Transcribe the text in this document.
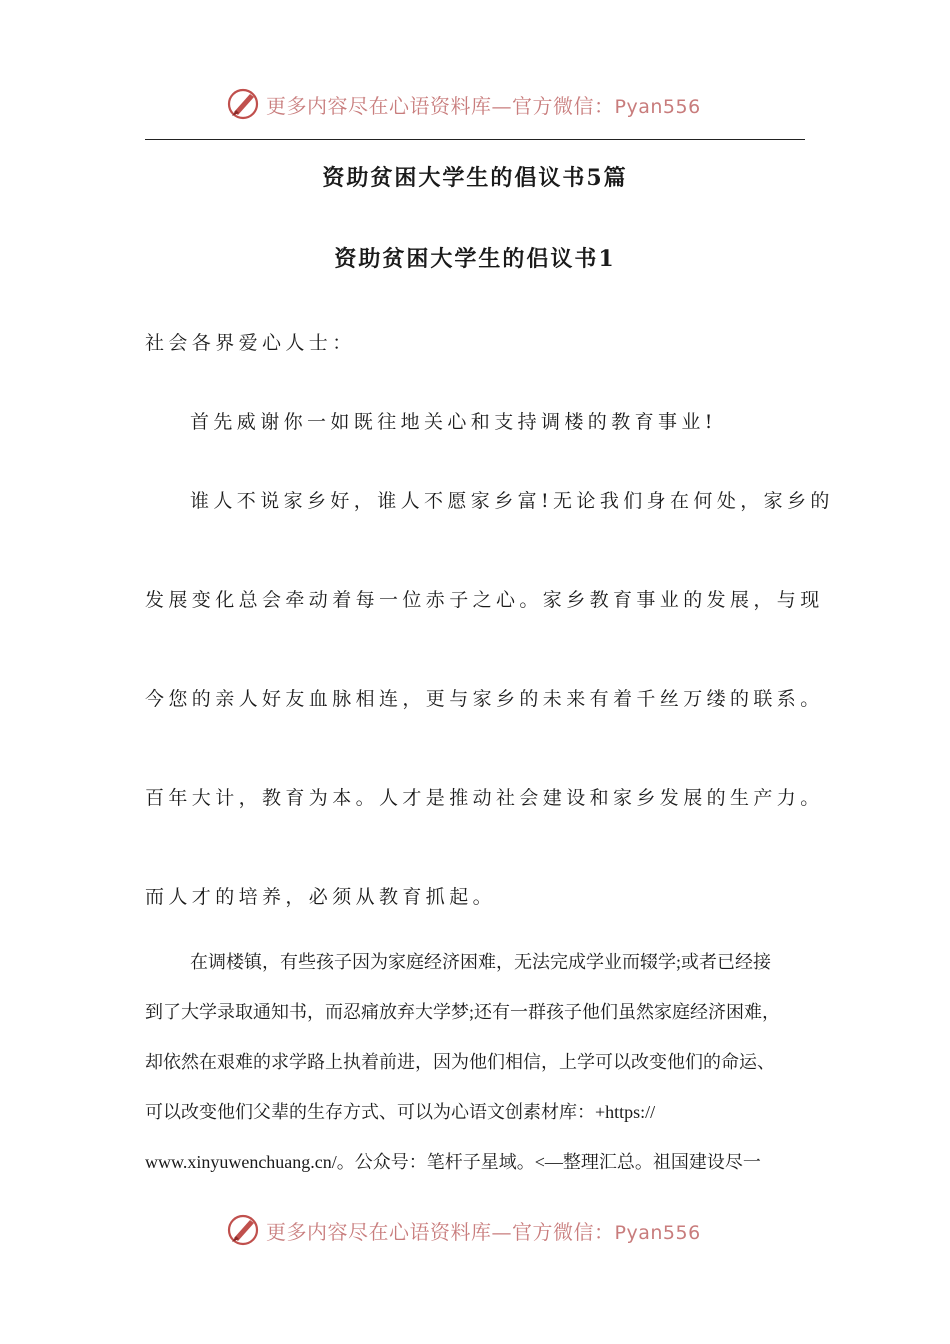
更多内容尽在心语资料库—官方微信：Pyan556
资助贫困大学生的倡议书5篇
资助贫困大学生的侣议书1
社会各界爱心人士：
首先威谢你一如既往地关心和支持调楼的教育事业!
谁人不说家乡好，谁人不愿家乡富!无论我们身在何处，家乡的
发展变化总会牵动着每一位赤子之心。家乡教育事业的发展，与现
今您的亲人好友血脉相连，更与家乡的未来有着千丝万缕的联系。
百年大计，教育为本。人才是推动社会建设和家乡发展的生产力。
而人才的培养，必须从教育抓起。
在调楼镇，有些孩子因为家庭经济困难，无法完成学业而辍学;或者已经接
到了大学录取通知书，而忍痛放弃大学梦;还有一群孩子他们虽然家庭经济困难，
却依然在艰难的求学路上执着前进，因为他们相信，上学可以改变他们的命运、
可以改变他们父辈的生存方式、可以为心语文创素材库：+https://
www.xinyuwenchuang.cn/。公众号：笔杆子星域。<—整理汇总。祖国建设尽一
更多内容尽在心语资料库—官方微信：Pyan556
